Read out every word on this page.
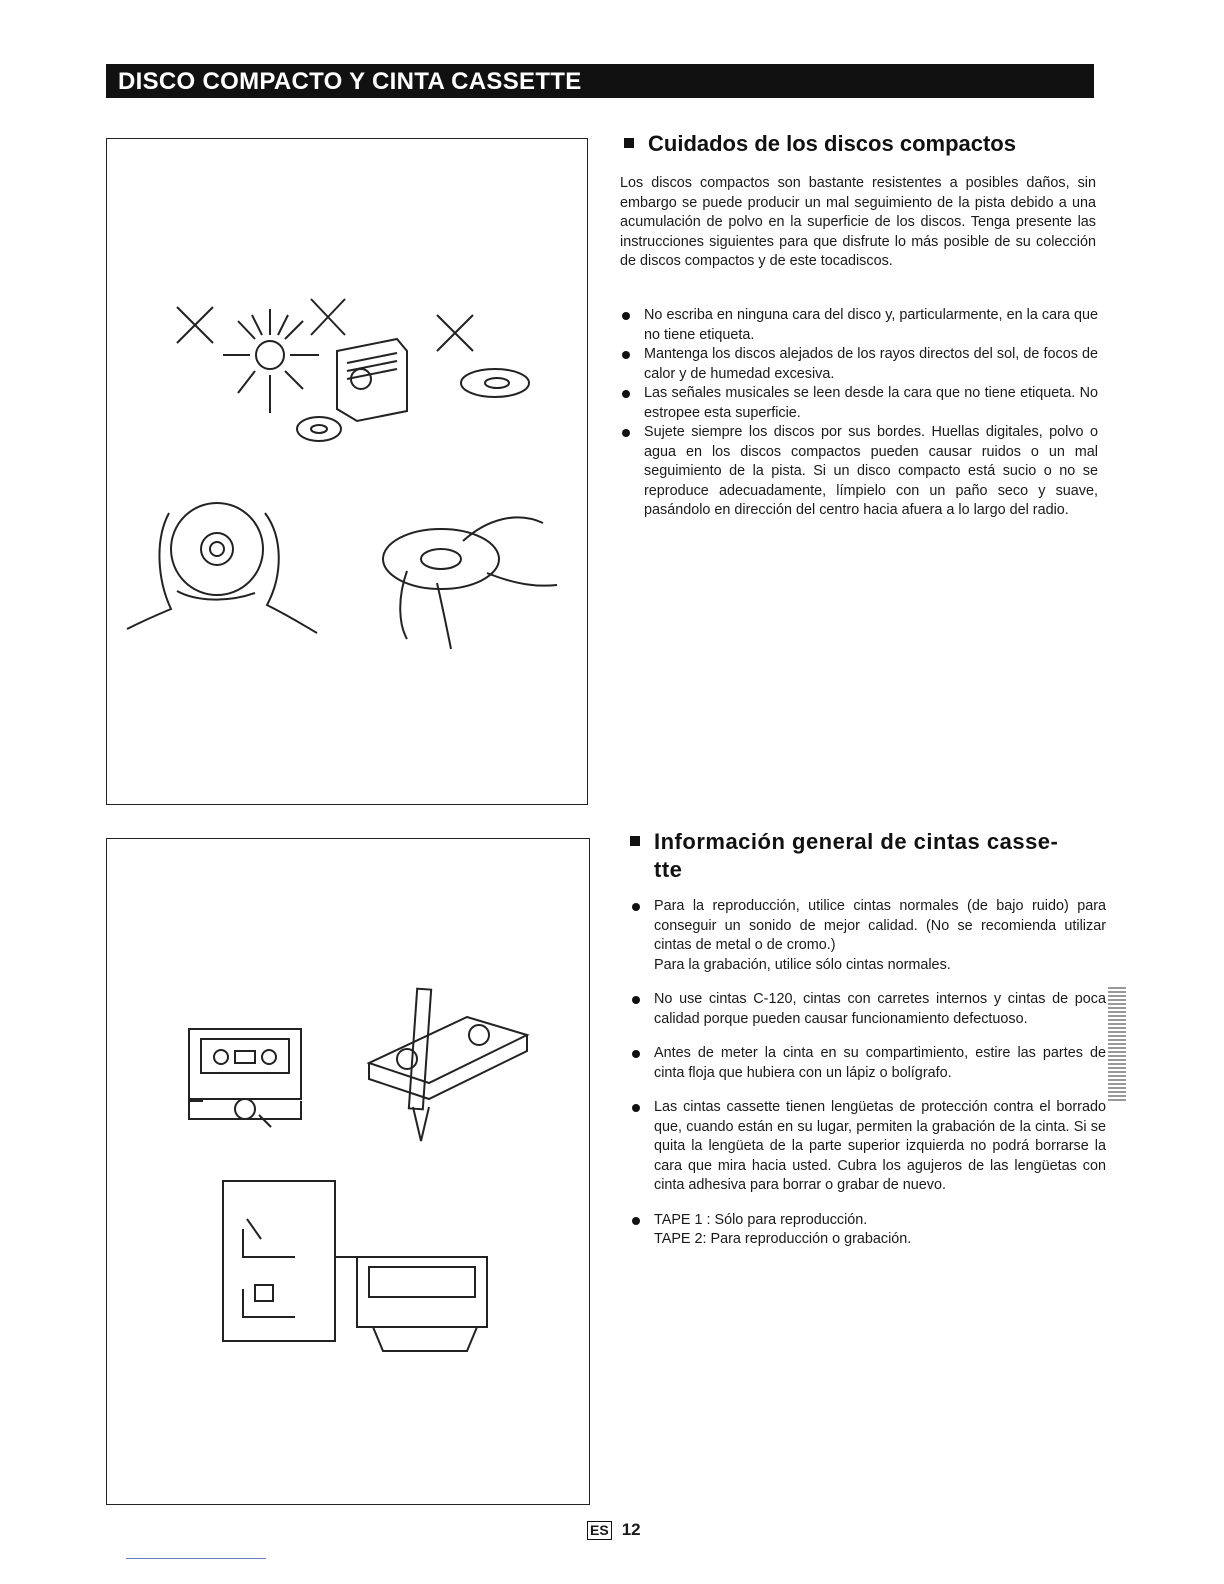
DISCO COMPACTO Y CINTA CASSETTE
Cuidados de los discos compactos
Los discos compactos son bastante resistentes a posibles daños, sin embargo se puede producir un mal seguimiento de la pista debido a una acumulación de polvo en la superficie de los discos. Tenga presente las instrucciones siguientes para que disfrute lo más posible de su colección de discos compactos y de este tocadiscos.
No escriba en ninguna cara del disco y, particularmente, en la cara que no tiene etiqueta.
Mantenga los discos alejados de los rayos directos del sol, de focos de calor y de humedad excesiva.
Las señales musicales se leen desde la cara que no tiene etiqueta. No estropee esta superficie.
Sujete siempre los discos por sus bordes. Huellas digitales, polvo o agua en los discos compactos pueden causar ruidos o un mal seguimiento de la pista. Si un disco compacto está sucio o no se reproduce adecuadamente, límpielo con un paño seco y suave, pasándolo en dirección del centro hacia afuera a lo largo del radio.
Información general de cintas casse-
tte
Para la reproducción, utilice cintas normales (de bajo ruido) para conseguir un sonido de mejor calidad. (No se recomienda utilizar cintas de metal o de cromo.)
Para la grabación, utilice sólo cintas normales.
No use cintas C-120, cintas con carretes internos y cintas de poca calidad porque pueden causar funcionamiento defectuoso.
Antes de meter la cinta en su compartimiento, estire las partes de cinta floja que hubiera con un lápiz o bolígrafo.
Las cintas cassette tienen lengüetas de protección contra el borrado que, cuando están en su lugar, permiten la grabación de la cinta. Si se quita la lengüeta de la parte superior izquierda no podrá borrarse la cara que mira hacia usted. Cubra los agujeros de las lengüetas con cinta adhesiva para borrar o grabar de nuevo.
TAPE 1 : Sólo para reproducción.
TAPE 2: Para reproducción o grabación.
ES 12
